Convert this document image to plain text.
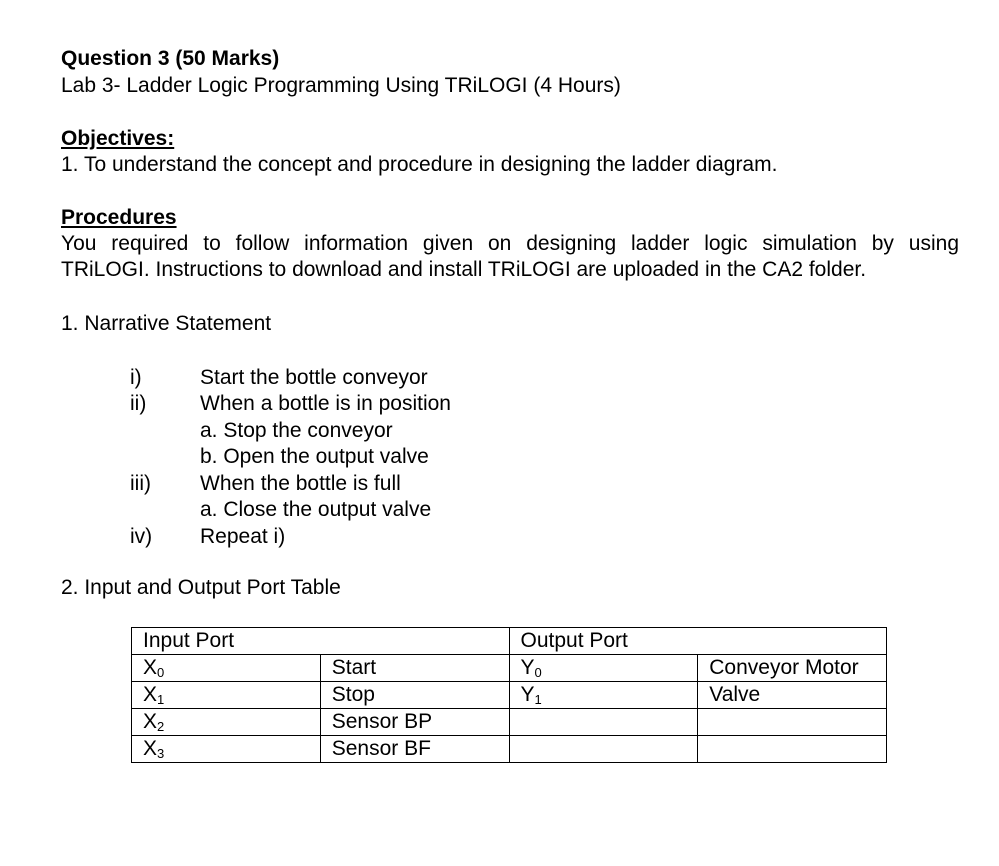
Question 3 (50 Marks)
Lab 3- Ladder Logic Programming Using TRiLOGI (4 Hours)
Objectives:
1. To understand the concept and procedure in designing the ladder diagram.
Procedures
You required to follow information given on designing ladder logic simulation by using
TRiLOGI. Instructions to download and install TRiLOGI are uploaded in the CA2 folder.
1. Narrative Statement
i)	Start the bottle conveyor
ii)	When a bottle is in position
a. Stop the conveyor
b. Open the output valve
iii) When the bottle is full
a. Close the output valve
iv) Repeat i)
2. Input and Output Port Table
Input Port		Output Port	
$X_0$	Start	$Y_0$	Conveyor Motor
$X_1$	Stop	$Y_1$	Valve
$X_2$	Sensor BP		
$X_3$	Sensor BF		
